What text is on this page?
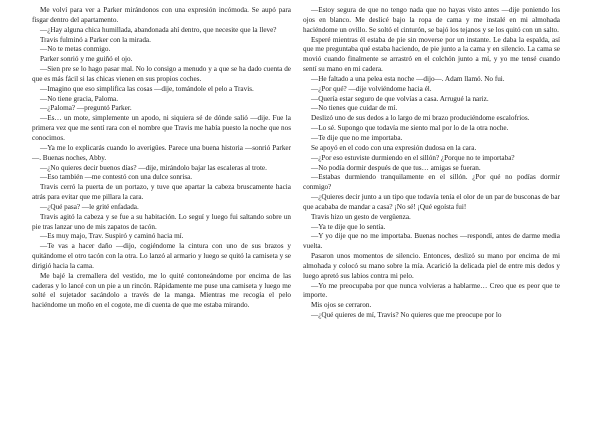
Me volví para ver a Parker mirándonos con una expresión incómoda. Se aupó para fisgar dentro del apartamento.

—¿Hay alguna chica humillada, abandonada ahí dentro, que necesite que la lleve?

Travis fulminó a Parker con la mirada.

—No te metas conmigo.

Parker sonrió y me guiñó el ojo.

—Sien pre se lo hago pasar mal. No lo consigo a menudo y a que se ha dado cuenta de que es más fácil si las chicas vienen en sus propios coches.

—Imagino que eso simplifica las cosas —dije, tomándole el pelo a Travis.

—No tiene gracia, Paloma.

—¿Paloma? —preguntó Parker.

—Es… un mote, simplemente un apodo, ni siquiera sé de dónde salió —dije. Fue la primera vez que me sentí rara con el nombre que Travis me había puesto la noche que nos conocimos.

—Ya me lo explicarás cuando lo averigües. Parece una buena historia —sonrió Parker—. Buenas noches, Abby.

—¿No quieres decir buenos días? —dije, mirándolo bajar las escaleras al trote.

—Eso también —me contestó con una dulce sonrisa.

Travis cerró la puerta de un portazo, y tuve que apartar la cabeza bruscamente hacia atrás para evitar que me pillara la cara.

—¿Qué pasa? —le grité enfadada.

Travis agitó la cabeza y se fue a su habitación. Lo seguí y luego fui saltando sobre un pie tras lanzar uno de mis zapatos de tacón.

—Es muy majo, Trav. Suspiró y caminó hacia mí.

—Te vas a hacer daño —dijo, cogiéndome la cintura con uno de sus brazos y quitándome el otro tacón con la otra. Lo lanzó al armario y luego se quitó la camiseta y se dirigió hacia la cama.

Me bajé la cremallera del vestido, me lo quité contoneándome por encima de las caderas y lo lancé con un pie a un rincón. Rápidamente me puse una camiseta y luego me solté el sujetador sacándolo a través de la manga. Mientras me recogía el pelo haciéndome un moño en el cogote, me di cuenta de que me estaba mirando.

—Estoy segura de que no tengo nada que no hayas visto antes —dije poniendo los ojos en blanco. Me deslicé bajo la ropa de cama y me instalé en mi almohada haciéndome un ovillo. Se soltó el cinturón, se bajó los tejanos y se los quitó con un salto.

Esperé mientras él estaba de pie sin moverse por un instante. Le daba la espalda, así que me preguntaba qué estaba haciendo, de pie junto a la cama y en silencio. La cama se movió cuando finalmente se arrastró en el colchón junto a mí, y yo me tensé cuando sentí su mano en mi cadera.

—He faltado a una pelea esta noche —dijo—. Adam llamó. No fui.

—¿Por qué? —dije volviéndome hacia él.

—Quería estar seguro de que volvías a casa. Arrugué la nariz.

—No tienes que cuidar de mí.

Deslizó uno de sus dedos a lo largo de mi brazo produciéndome escalofríos.

—Lo sé. Supongo que todavía me siento mal por lo de la otra noche.

—Te dije que no me importaba.

Se apoyó en el codo con una expresión dudosa en la cara.

—¿Por eso estuviste durmiendo en el sillón? ¿Porque no te importaba?

—No podía dormir después de que tus… amigas se fueran.

—Estabas durmiendo tranquilamente en el sillón. ¿Por qué no podías dormir conmigo?

—¿Quieres decir junto a un tipo que todavía tenía el olor de un par de busconas de bar que acababa de mandar a casa? ¡No sé! ¡Qué egoísta fui!

Travis hizo un gesto de vergüenza.

—Ya te dije que lo sentía.

—Y yo dije que no me importaba. Buenas noches —respondí, antes de darme media vuelta.

Pasaron unos momentos de silencio. Entonces, deslizó su mano por encima de mi almohada y colocó su mano sobre la mía. Acarició la delicada piel de entre mis dedos y luego apretó sus labios contra mi pelo.

—Yo me preocupaba por que nunca volvieras a hablarme… Creo que es peor que te importe.

Mis ojos se cerraron.

—¿Qué quieres de mí, Travis? No quieres que me preocupe por lo
